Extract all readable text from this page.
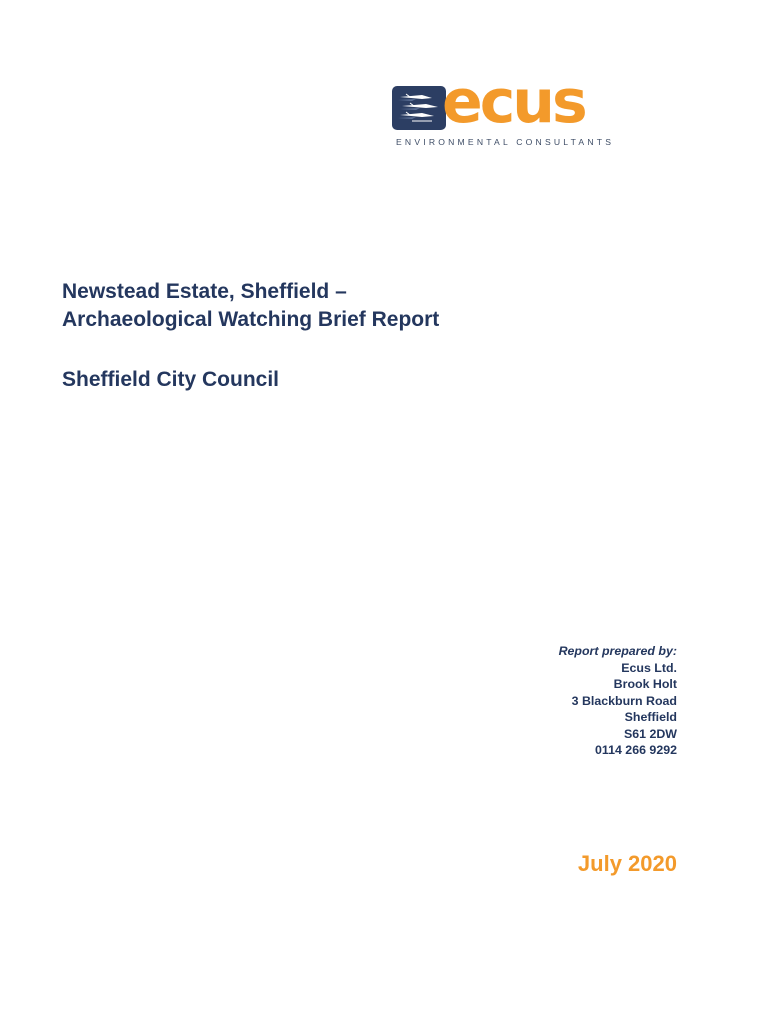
ecus
ENVIRONMENTAL CONSULTANTS
Newstead Estate, Sheffield –
Archaeological Watching Brief Report
Sheffield City Council
Report prepared by:
Ecus Ltd.
Brook Holt
3 Blackburn Road
Sheffield
S61 2DW
0114 266 9292
July 2020
